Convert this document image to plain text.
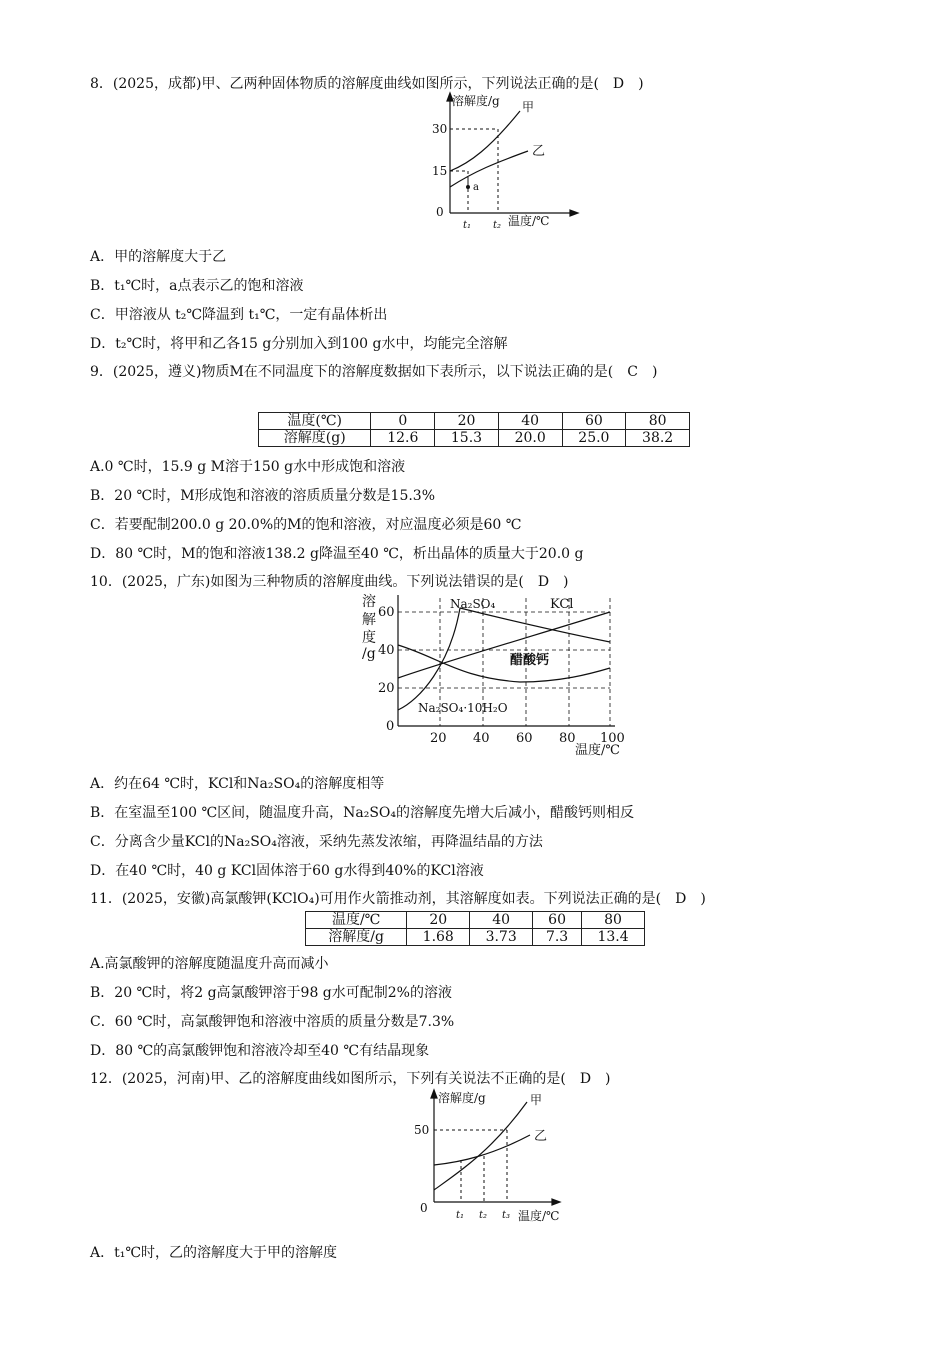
8．(2025，成都)甲、乙两种固体物质的溶解度曲线如图所示，下列说法正确的是(　D　)
30
15
0
溶解度/g
温度/℃
t₁ t₂
甲
乙
a
A．甲的溶解度大于乙
B．t₁℃时，a点表示乙的饱和溶液
C．甲溶液从 t₂℃降温到 t₁℃，一定有晶体析出
D．t₂℃时，将甲和乙各15 g分别加入到100 g水中，均能完全溶解
9．(2025，遵义)物质M在不同温度下的溶解度数据如下表所示，以下说法正确的是(　C　)
温度(℃)	0	20	40	60	80
溶解度(g)	12.6	15.3	20.0	25.0	38.2
A.0 ℃时，15.9 g M溶于150 g水中形成饱和溶液
B．20 ℃时，M形成饱和溶液的溶质质量分数是15.3%
C．若要配制200.0 g 20.0%的M的饱和溶液，对应温度必须是60 ℃
D．80 ℃时，M的饱和溶液138.2 g降温至40 ℃，析出晶体的质量大于20.0 g
10．(2025，广东)如图为三种物质的溶解度曲线。下列说法错误的是(　D　)
60
40
20
0
溶
解
度
/g
20 40 60 80 100
温度/℃
Na₂SO₄	KCl
醋酸钙
Na₂SO₄·10H₂O
A．约在64 ℃时，KCl和Na₂SO₄的溶解度相等
B．在室温至100 ℃区间，随温度升高，Na₂SO₄的溶解度先增大后减小，醋酸钙则相反
C．分离含少量KCl的Na₂SO₄溶液，采纳先蒸发浓缩，再降温结晶的方法
D．在40 ℃时，40 g KCl固体溶于60 g水得到40%的KCl溶液
11．(2025，安徽)高氯酸钾(KClO₄)可用作火箭推动剂，其溶解度如表。下列说法正确的是(　D　)
温度/℃	20	40	60	80
溶解度/g	1.68	3.73	7.3	13.4
A.高氯酸钾的溶解度随温度升高而减小
B．20 ℃时，将2 g高氯酸钾溶于98 g水可配制2%的溶液
C．60 ℃时，高氯酸钾饱和溶液中溶质的质量分数是7.3%
D．80 ℃的高氯酸钾饱和溶液冷却至40 ℃有结晶现象
12．(2025，河南)甲、乙的溶解度曲线如图所示，下列有关说法不正确的是(　D　)
50
0
溶解度/g
温度/℃
t₁ t₂ t₃
甲
乙
A．t₁℃时，乙的溶解度大于甲的溶解度
